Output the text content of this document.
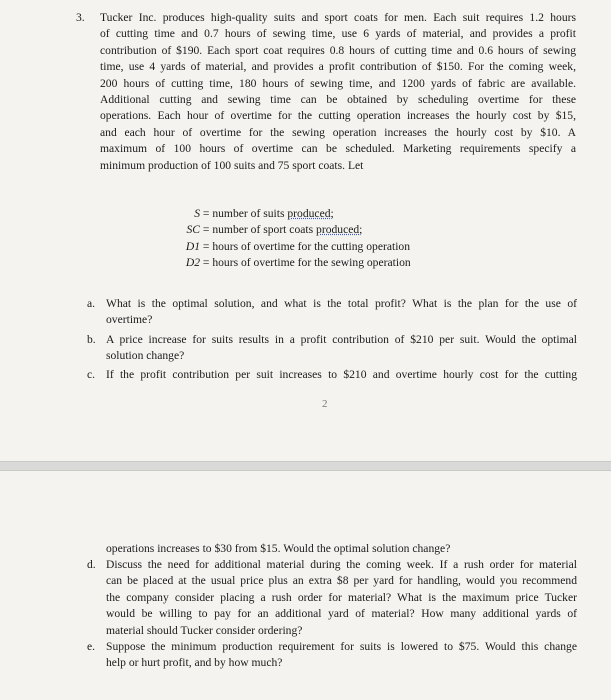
3. Tucker Inc. produces high-quality suits and sport coats for men. Each suit requires 1.2 hours
of cutting time and 0.7 hours of sewing time, use 6 yards of material, and provides a profit
contribution of $190. Each sport coat requires 0.8 hours of cutting time and 0.6 hours of sewing
time, use 4 yards of material, and provides a profit contribution of $150. For the coming week,
200 hours of cutting time, 180 hours of sewing time, and 1200 yards of fabric are available.
Additional cutting and sewing time can be obtained by scheduling overtime for these
operations. Each hour of overtime for the cutting operation increases the hourly cost by $15,
and each hour of overtime for the sewing operation increases the hourly cost by $10. A
maximum of 100 hours of overtime can be scheduled. Marketing requirements specify a
minimum production of 100 suits and 75 sport coats. Let
S = number of suits produced;
SC = number of sport coats produced;
D1 = hours of overtime for the cutting operation
D2 = hours of overtime for the sewing operation
a. What is the optimal solution, and what is the total profit? What is the plan for the use of
overtime?
b. A price increase for suits results in a profit contribution of $210 per suit. Would the optimal
solution change?
c. If the profit contribution per suit increases to $210 and overtime hourly cost for the cutting
2
operations increases to $30 from $15. Would the optimal solution change?
d. Discuss the need for additional material during the coming week. If a rush order for material
can be placed at the usual price plus an extra $8 per yard for handling, would you recommend
the company consider placing a rush order for material? What is the maximum price Tucker
would be willing to pay for an additional yard of material? How many additional yards of
material should Tucker consider ordering?
e. Suppose the minimum production requirement for suits is lowered to $75. Would this change
help or hurt profit, and by how much?
